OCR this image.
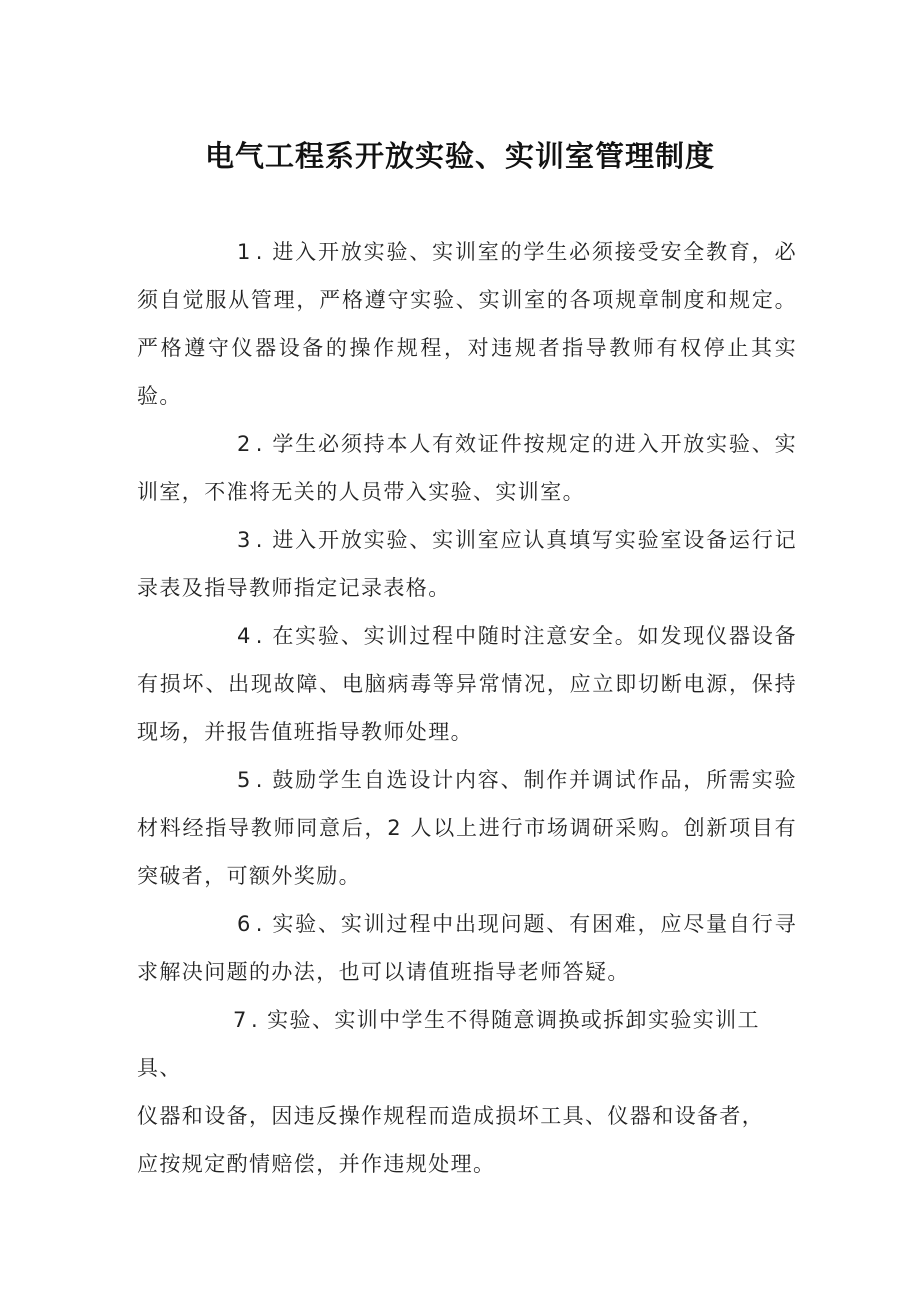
电气工程系开放实验、实训室管理制度

1 . 进入开放实验、实训室的学生必须接受安全教育，必须自觉服从管理，严格遵守实验、实训室的各项规章制度和规定。严格遵守仪器设备的操作规程，对违规者指导教师有权停止其实验。

2 . 学生必须持本人有效证件按规定的进入开放实验、实训室，不准将无关的人员带入实验、实训室。

3 . 进入开放实验、实训室应认真填写实验室设备运行记录表及指导教师指定记录表格。

4 . 在实验、实训过程中随时注意安全。如发现仪器设备有损坏、出现故障、电脑病毒等异常情况，应立即切断电源，保持现场，并报告值班指导教师处理。

5 . 鼓励学生自选设计内容、制作并调试作品，所需实验材料经指导教师同意后，2 人以上进行市场调研采购。创新项目有突破者，可额外奖励。

6 . 实验、实训过程中出现问题、有困难，应尽量自行寻求解决问题的办法，也可以请值班指导老师答疑。

7 . 实验、实训中学生不得随意调换或拆卸实验实训工
具、
仪器和设备，因违反操作规程而造成损坏工具、仪器和设备者，
应按规定酌情赔偿，并作违规处理。
